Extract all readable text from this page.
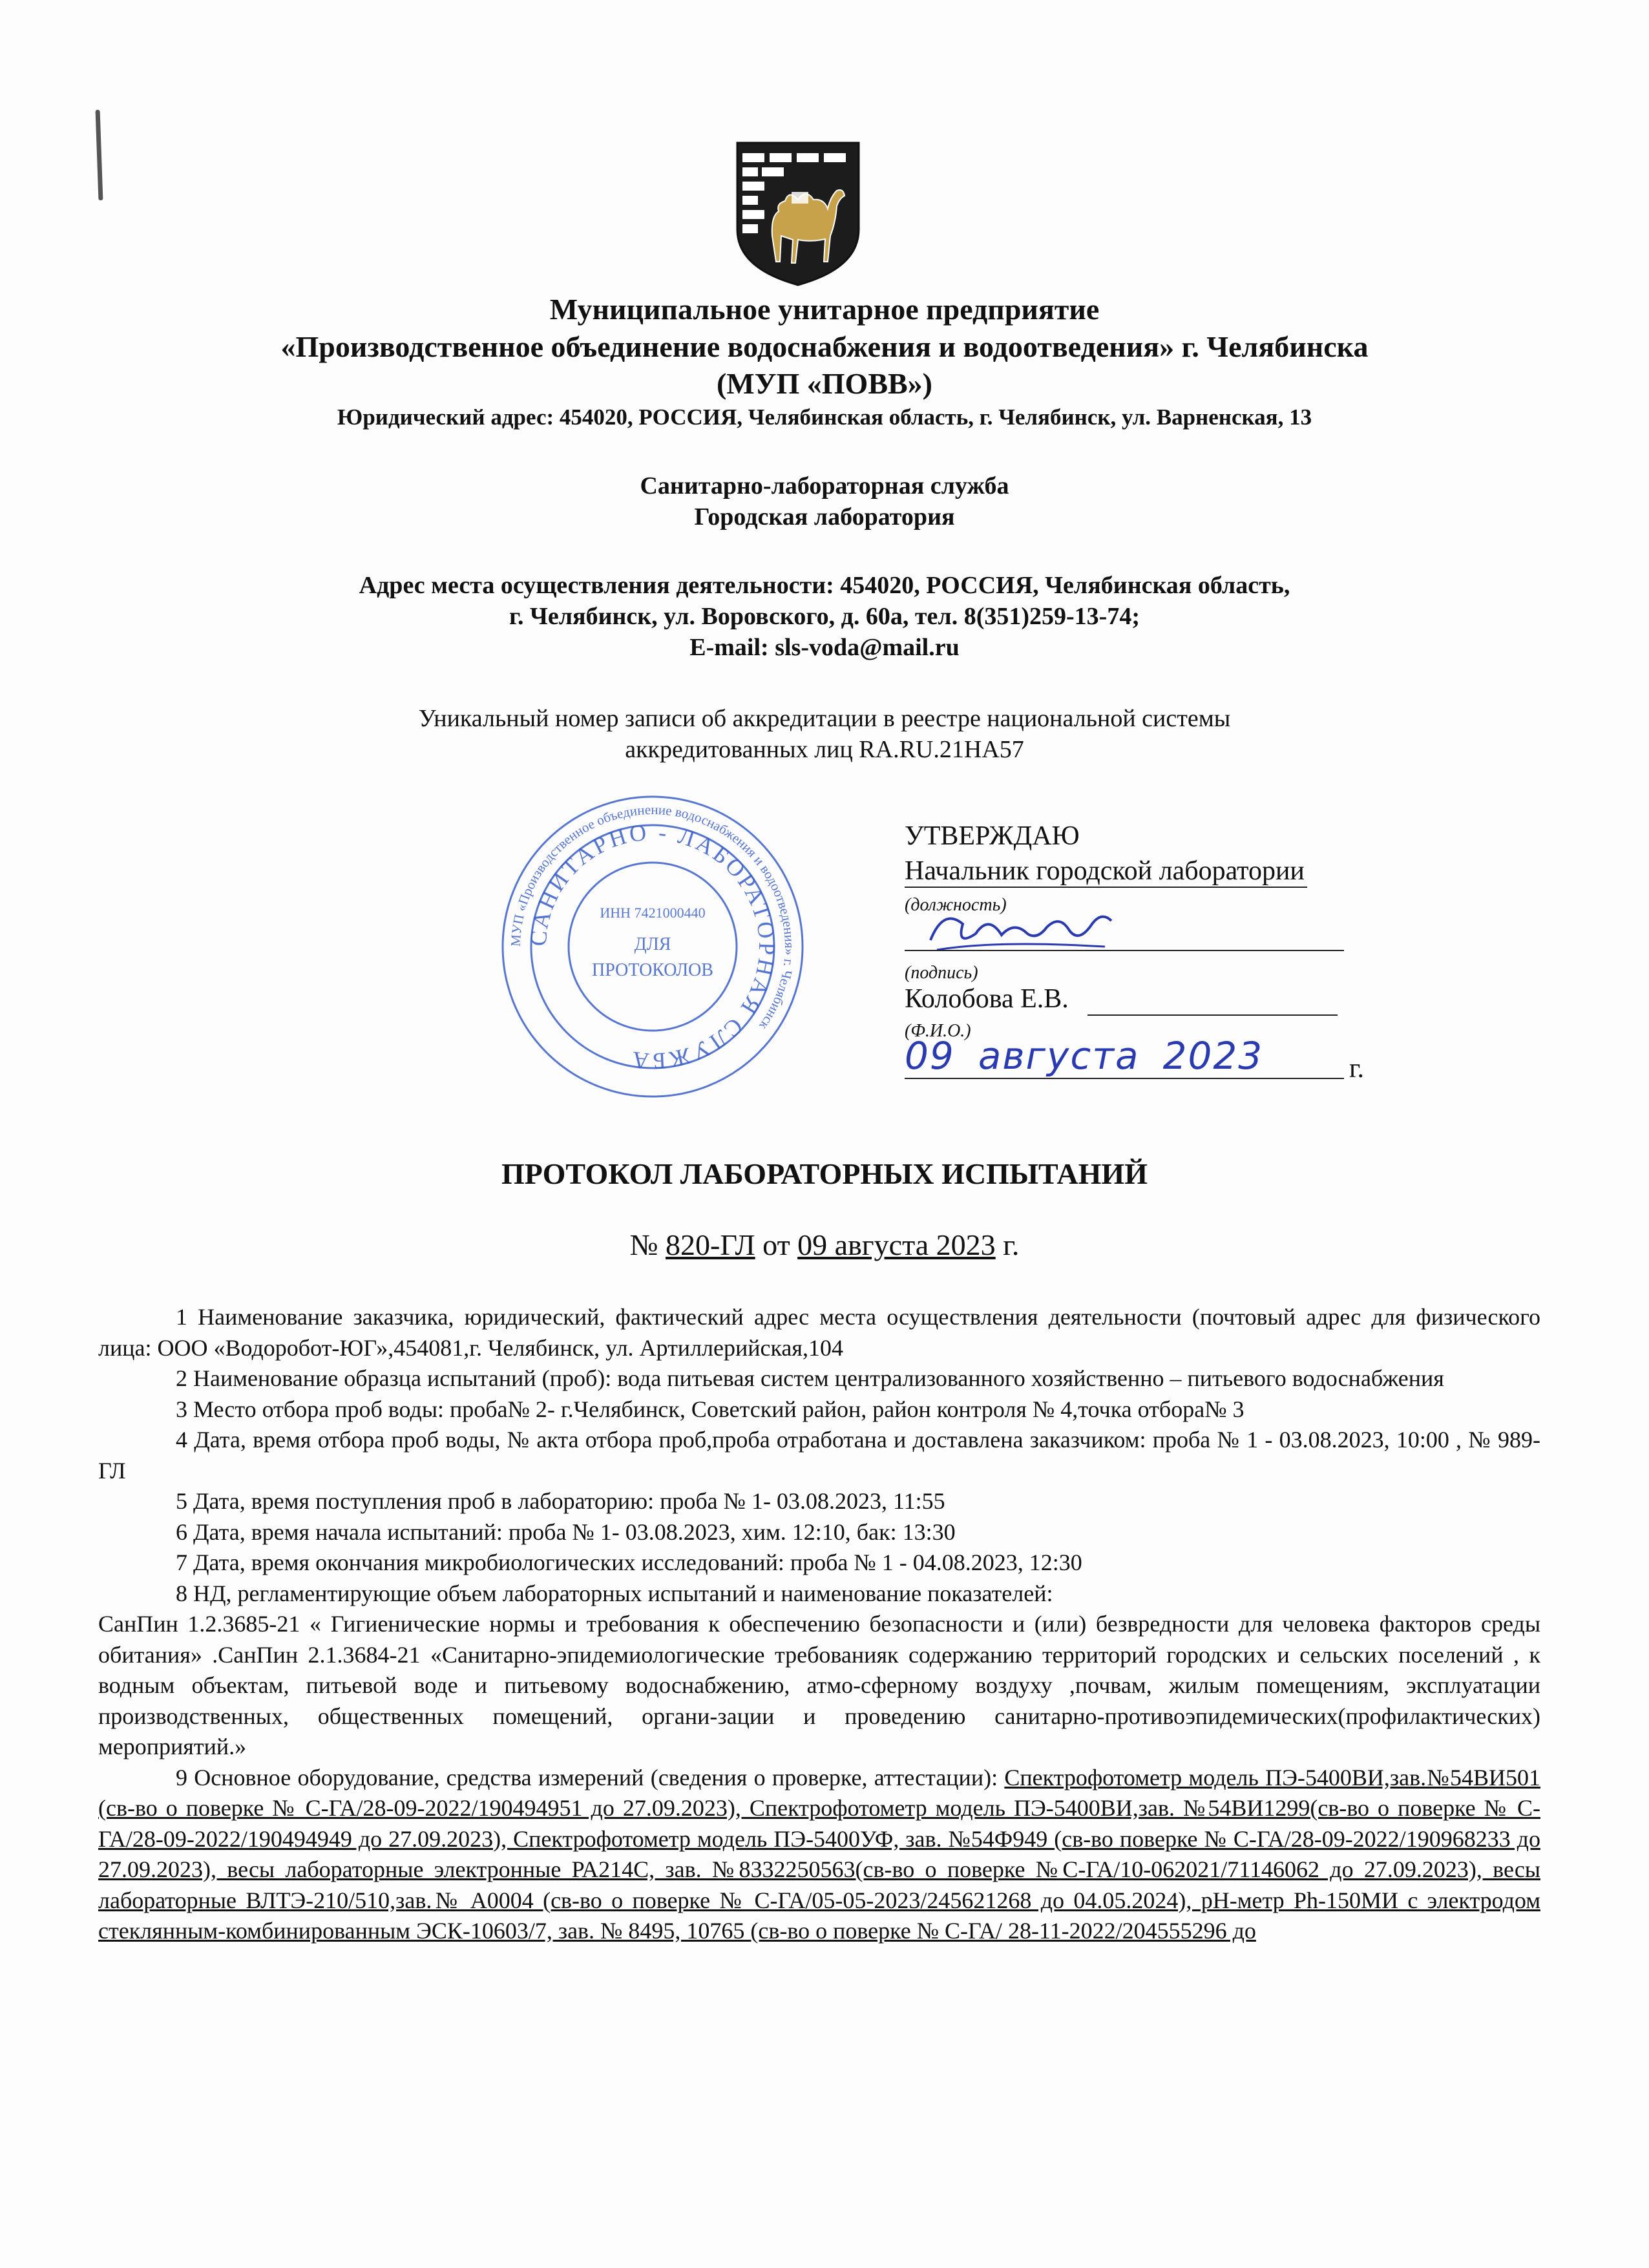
Муниципальное унитарное предприятие
«Производственное объединение водоснабжения и водоотведения» г. Челябинска
(МУП «ПОВВ»)
Юридический адрес: 454020, РОССИЯ, Челябинская область, г. Челябинск, ул. Варненская, 13
Санитарно-лабораторная служба
Городская лаборатория
Адрес места осуществления деятельности: 454020, РОССИЯ, Челябинская область,
г. Челябинск, ул. Воровского, д. 60а, тел. 8(351)259-13-74;
E-mail: sls-voda@mail.ru
Уникальный номер записи об аккредитации в реестре национальной системы
аккредитованных лиц RA.RU.21НА57
МУП «Производственное объединение водоснабжения и водоотведения» г. Челябинск
САНИТАРНО - ЛАБОРАТОРНАЯ СЛУЖБА
ИНН 7421000440
ДЛЯ
ПРОТОКОЛОВ
УТВЕРЖДАЮ
Начальник городской лаборатории
(должность)
(подпись)
Колобова Е.В.
(Ф.И.О.)
09 августа 2023	г.
ПРОТОКОЛ ЛАБОРАТОРНЫХ ИСПЫТАНИЙ
№ 820-ГЛ от 09 августа 2023 г.

1 Наименование заказчика, юридический, фактический адрес места осуществления деятельности (почтовый адрес для физического лица: ООО «Водоробот-ЮГ»,454081,г. Челябинск, ул. Артиллерийская,104

2 Наименование образца испытаний (проб): вода питьевая систем централизованного хозяйственно – питьевого водоснабжения

3 Место отбора проб воды: проба№ 2- г.Челябинск, Советский район, район контроля № 4,точка отбора№ 3

4 Дата, время отбора проб воды, № акта отбора проб,проба отработана и доставлена заказчиком: проба № 1 - 03.08.2023, 10:00 , № 989-ГЛ

5 Дата, время поступления проб в лабораторию: проба № 1- 03.08.2023, 11:55

6 Дата, время начала испытаний: проба № 1- 03.08.2023, хим. 12:10, бак: 13:30

7 Дата, время окончания микробиологических исследований: проба № 1 - 04.08.2023, 12:30

8 НД, регламентирующие объем лабораторных испытаний и наименование показателей:

СанПин 1.2.3685-21 « Гигиенические нормы и требования к обеспечению безопасности и (или) безвредности для человека факторов среды обитания» .СанПин 2.1.3684-21 «Санитарно-эпидемиологические требованияк содержанию территорий городских и сельских поселений , к водным объектам, питьевой воде и питьевому водоснабжению, атмо-сферному воздуху ,почвам, жилым помещениям, эксплуатации производственных, общественных помещений, органи-зации и проведению санитарно-противоэпидемических(профилактических) мероприятий.»

9 Основное оборудование, средства измерений (сведения о проверке, аттестации): Спектрофотометр модель ПЭ-5400ВИ,зав.№54ВИ501 (св-во о поверке № С-ГА/28-09-2022/190494951 до 27.09.2023), Спектрофотометр модель ПЭ-5400ВИ,зав. №54ВИ1299(св-во о поверке № С-ГА/28-09-2022/190494949 до 27.09.2023), Спектрофотометр модель ПЭ-5400УФ, зав. №54Ф949 (св-во поверке № С-ГА/28-09-2022/190968233 до 27.09.2023), весы лабораторные электронные РА214С, зав. №8332250563(св-во о поверке №С-ГА/10-062021/71146062 до 27.09.2023), весы лабораторные ВЛТЭ-210/510,зав.№ А0004 (св-во о поверке № С-ГА/05-05-2023/245621268 до 04.05.2024), pH-метр Ph-150МИ с электродом стеклянным-комбинированным ЭСК-10603/7, зав. № 8495, 10765 (св-во о поверке № С-ГА/ 28-11-2022/204555296 до
